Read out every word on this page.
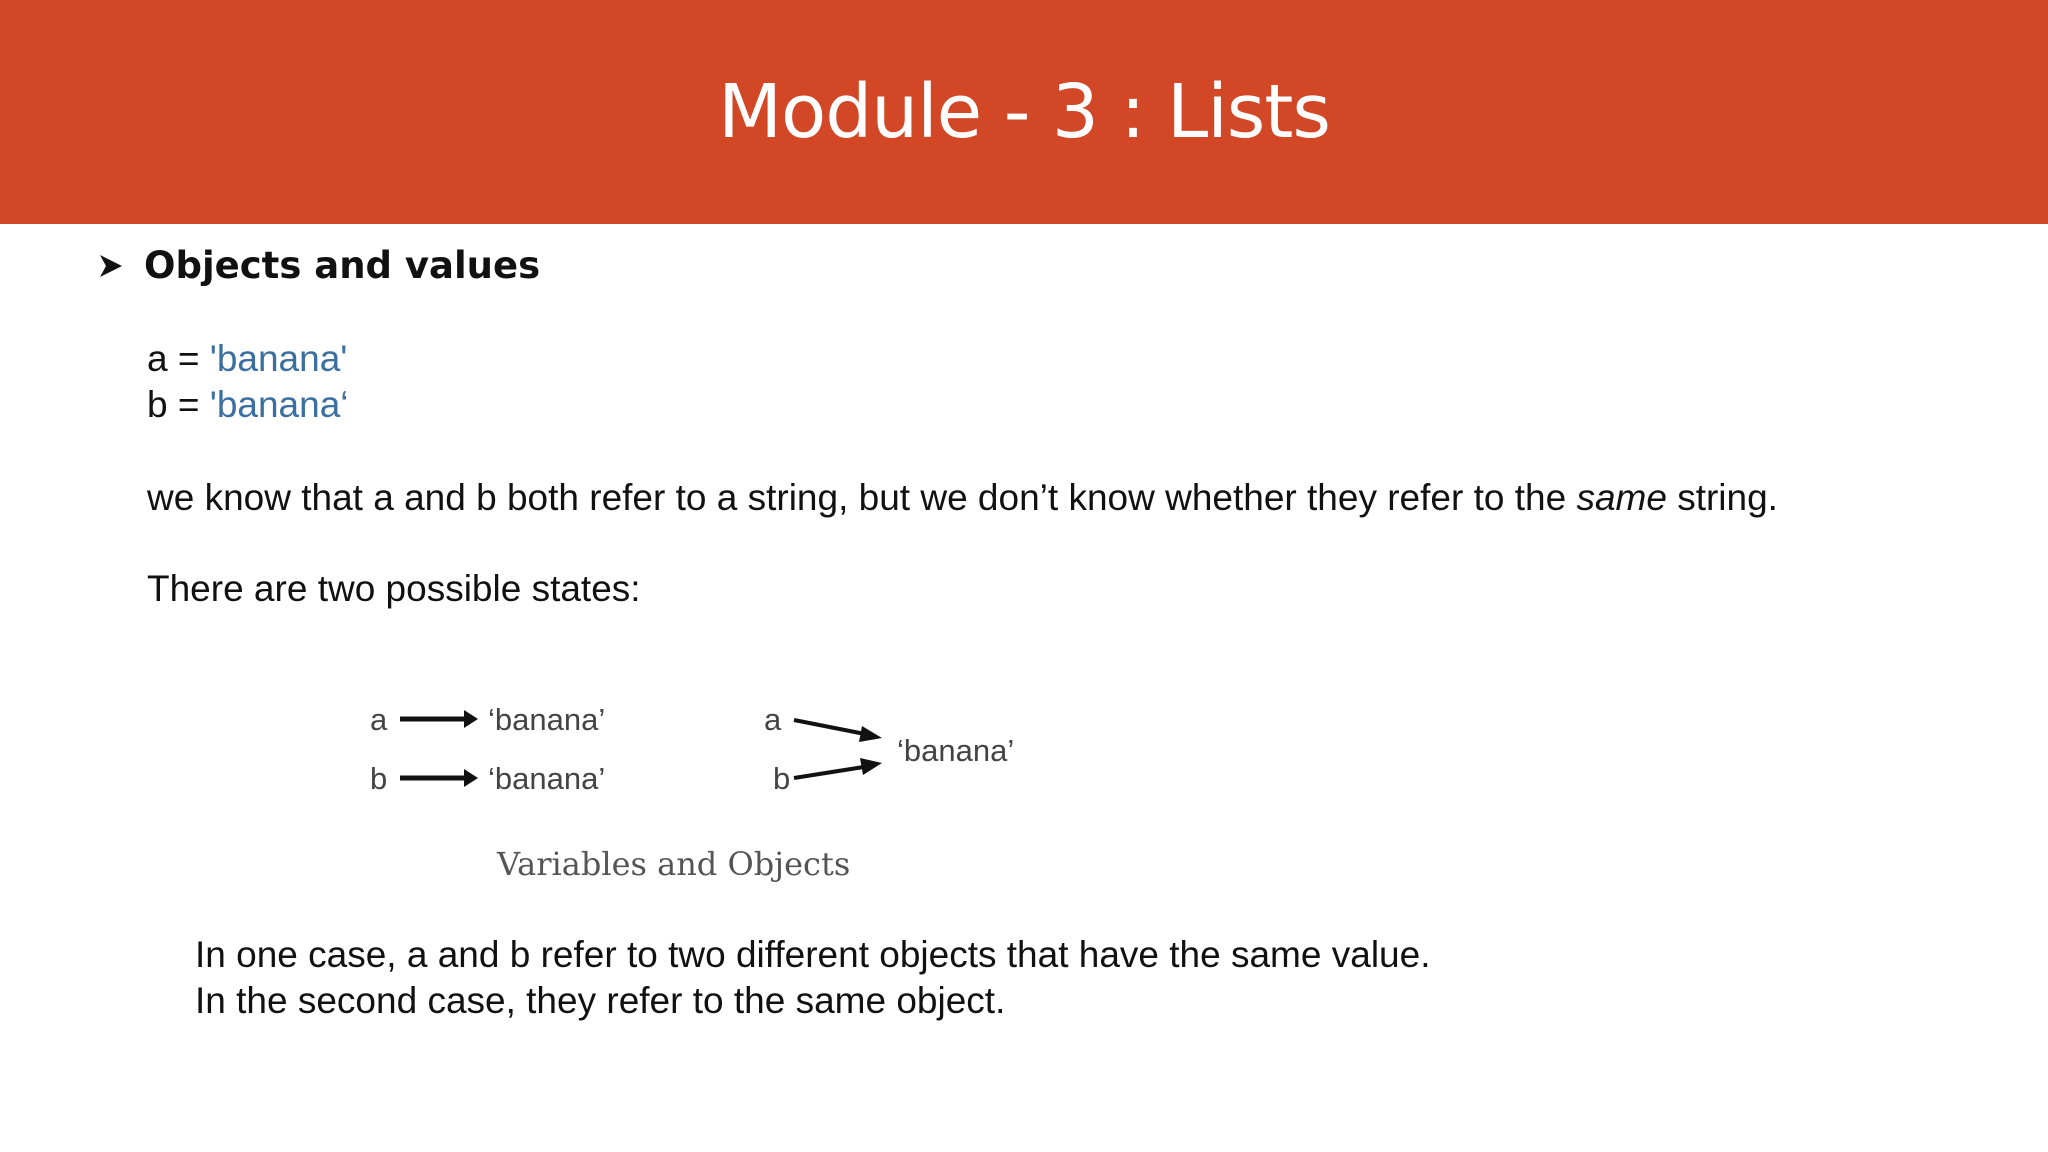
Module - 3 : Lists
Objects and values
a = 'banana'
b = 'banana‘
we know that a and b both refer to a string, but we don’t know whether they refer to the same string.
There are two possible states:
a	‘banana’
b	‘banana’
a
b
‘banana’
Variables and Objects
In one case, a and b refer to two different objects that have the same value.
In the second case, they refer to the same object.
